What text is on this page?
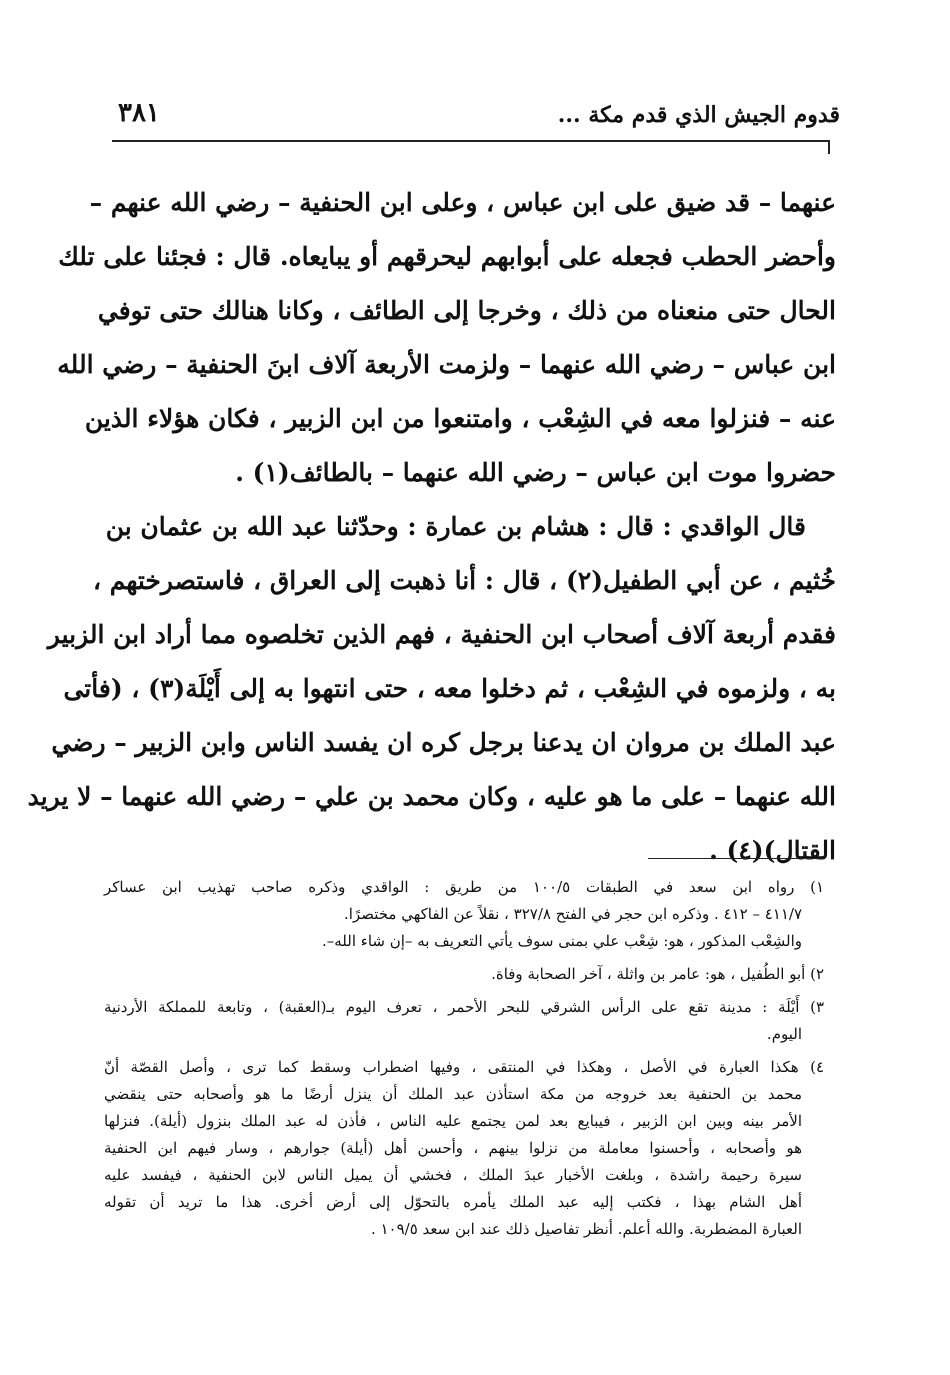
قدوم الجيش الذي قدم مكة ...
٣٨١
عنهما – قد ضيق على ابن عباس ، وعلى ابن الحنفية – رضي الله عنهم –
وأحضر الحطب فجعله على أبوابهم ليحرقهم أو يبايعاه. قال : فجئنا على تلك
الحال حتى منعناه من ذلك ، وخرجا إلى الطائف ، وكانا هنالك حتى توفي
ابن عباس – رضي الله عنهما – ولزمت الأربعة آلاف ابنَ الحنفية – رضي الله
عنه – فنزلوا معه في الشِعْب ، وامتنعوا من ابن الزبير ، فكان هؤلاء الذين
حضروا موت ابن عباس – رضي الله عنهما – بالطائف(١) .
قال الواقدي : قال : هشام بن عمارة : وحدّثنا عبد الله بن عثمان بن
خُثيم ، عن أبي الطفيل(٢) ، قال : أنا ذهبت إلى العراق ، فاستصرختهم ،
فقدم أربعة آلاف أصحاب ابن الحنفية ، فهم الذين تخلصوه مما أراد ابن الزبير
به ، ولزموه في الشِعْب ، ثم دخلوا معه ، حتى انتهوا به إلى أَيْلَة(٣) ، (فأتى
عبد الملك بن مروان ان يدعنا برجل كره ان يفسد الناس وابن الزبير – رضي
الله عنهما – على ما هو عليه ، وكان محمد بن علي – رضي الله عنهما – لا يريد
القتال)(٤) .
١) رواه ابن سعد في الطبقات ١٠٠/٥ من طريق : الواقدي وذكره صاحب تهذيب ابن عساكر
٤١١/٧ – ٤١٢ . وذكره ابن حجر في الفتح ٣٢٧/٨ ، نقلاً عن الفاكهي مختصرًا.
والشِعْب المذكور ، هو: شِعْب علي بمنى سوف يأتي التعريف به –إن شاء الله–.
٢) أبو الطُفيل ، هو: عامر بن واثلة ، آخر الصحابة وفاة.
٣) أَيْلَة : مدينة تقع على الرأس الشرقي للبحر الأحمر ، تعرف اليوم بـ(العقبة) ، وتابعة للمملكة الأردنية
اليوم.
٤) هكذا العبارة في الأصل ، وهكذا في المنتقى ، وفيها اضطراب وسقط كما ترى ، وأصل القصّة أنّ
محمد بن الحنفية بعد خروجه من مكة استأذن عبد الملك أن ينزل أرضًا ما هو وأصحابه حتى ينقضي
الأمر بينه وبين ابن الزبير ، فيبايع بعد لمن يجتمع عليه الناس ، فأذن له عبد الملك بنزول (أيلة). فنزلها
هو وأصحابه ، وأحسنوا معاملة من نزلوا بينهم ، وأحسن أهل (أيلة) جوارهم ، وسار فيهم ابن الحنفية
سيرة رحيمة راشدة ، وبلغت الأخبار عبدَ الملك ، فخشي أن يميل الناس لابن الحنفية ، فيفسد عليه
أهل الشام بهذا ، فكتب إليه عبد الملك يأمره بالتحوّل إلى أرض أخرى. هذا ما تريد أن تقوله
العبارة المضطربة. والله أعلم. أنظر تفاصيل ذلك عند ابن سعد ١٠٩/٥ .
